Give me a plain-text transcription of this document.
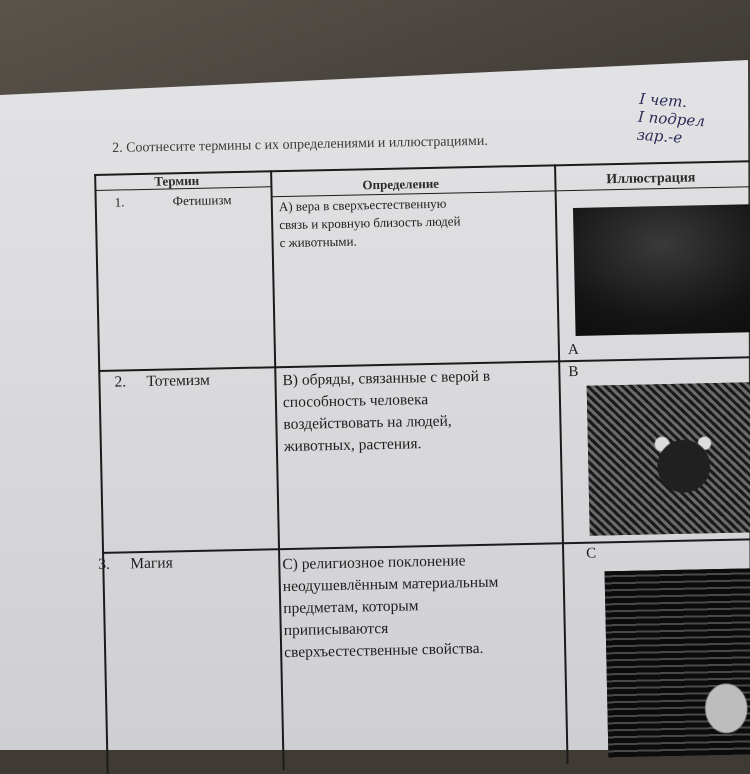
I чет.
I подрел
зар.-е
2. Соотнесите термины с их определениями и иллюстрациями.
Термин	Определение	Иллюстрация
1.	Фетишизм	А) вера в сверхъестественную
связь и кровную близость людей
с животными.
A
2. Тотемизм	В) обряды, связанные с верой в
способность человека
воздействовать на людей,
животных, растения.
B
3. Магия	С) религиозное поклонение
неодушевлённым материальным
предметам, которым
приписываются
сверхъестественные свойства.
C
